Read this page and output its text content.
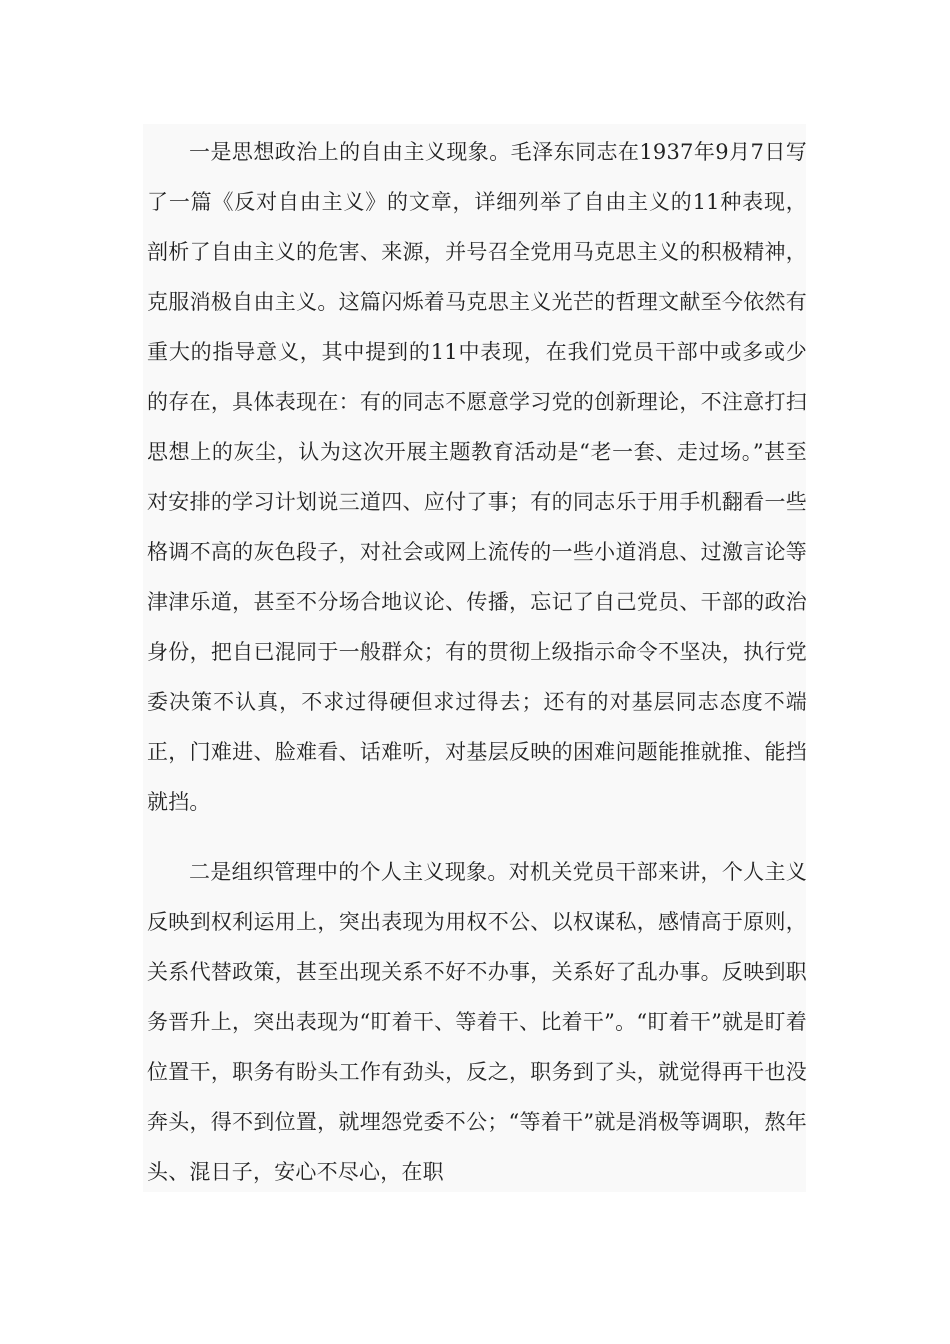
一是思想政治上的自由主义现象。毛泽东同志在1937年9月7日写了一篇《反对自由主义》的文章，详细列举了自由主义的11种表现，剖析了自由主义的危害、来源，并号召全党用马克思主义的积极精神，克服消极自由主义。这篇闪烁着马克思主义光芒的哲理文献至今依然有重大的指导意义，其中提到的11中表现，在我们党员干部中或多或少的存在，具体表现在：有的同志不愿意学习党的创新理论，不注意打扫思想上的灰尘，认为这次开展主题教育活动是“老一套、走过场。”甚至对安排的学习计划说三道四、应付了事；有的同志乐于用手机翻看一些格调不高的灰色段子，对社会或网上流传的一些小道消息、过激言论等津津乐道，甚至不分场合地议论、传播，忘记了自己党员、干部的政治身份，把自已混同于一般群众；有的贯彻上级指示命令不坚决，执行党委决策不认真，不求过得硬但求过得去；还有的对基层同志态度不端正，门难进、脸难看、话难听，对基层反映的困难问题能推就推、能挡就挡。

二是组织管理中的个人主义现象。对机关党员干部来讲，个人主义反映到权利运用上，突出表现为用权不公、以权谋私，感情高于原则，关系代替政策，甚至出现关系不好不办事，关系好了乱办事。反映到职务晋升上，突出表现为“盯着干、等着干、比着干”。“盯着干”就是盯着位置干，职务有盼头工作有劲头，反之，职务到了头，就觉得再干也没奔头，得不到位置，就埋怨党委不公；“等着干”就是消极等调职，熬年头、混日子，安心不尽心，在职
